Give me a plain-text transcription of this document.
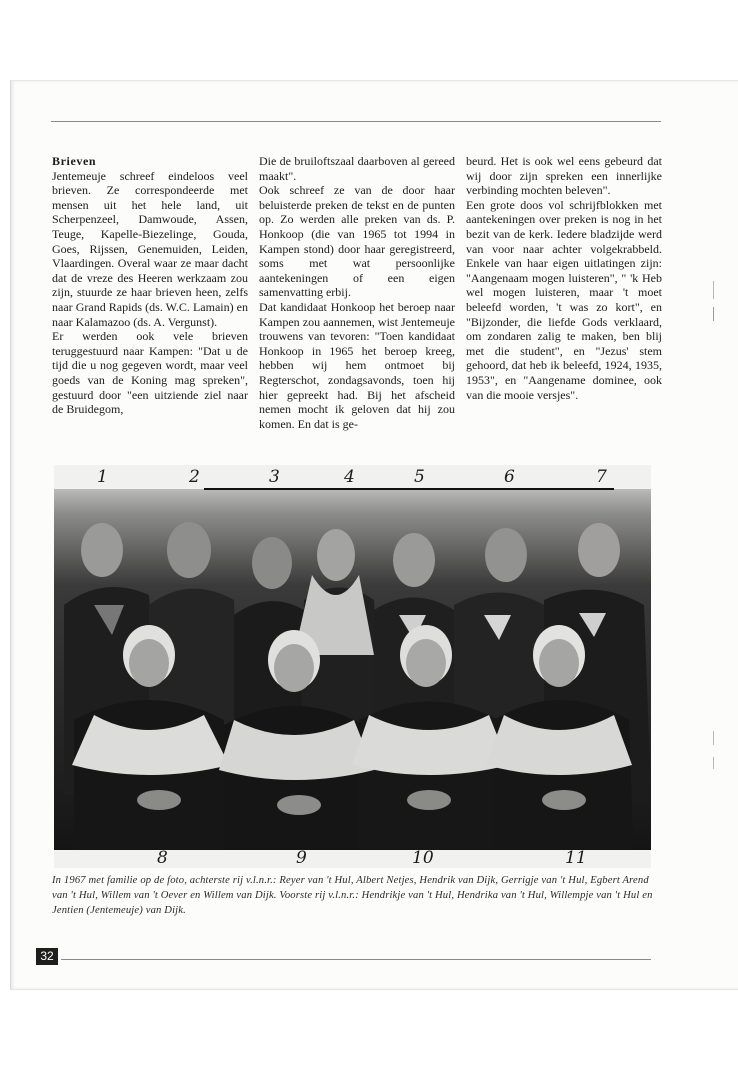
Brieven

Jentemeuje schreef eindeloos veel brieven. Ze correspondeerde met mensen uit het hele land, uit Scherpenzeel, Damwoude, Assen, Teuge, Kapelle-Biezelinge, Gouda, Goes, Rijssen, Genemuiden, Leiden, Vlaardingen. Overal waar ze maar dacht dat de vreze des Heeren werkzaam zou zijn, stuurde ze haar brieven heen, zelfs naar Grand Rapids (ds. W.C. Lamain) en naar Kalamazoo (ds. A. Vergunst).

Er werden ook vele brieven teruggestuurd naar Kampen: "Dat u de tijd die u nog gegeven wordt, maar veel goeds van de Koning mag spreken", gestuurd door "een uitziende ziel naar de Bruidegom,

Die de bruiloftszaal daarboven al gereed maakt".

Ook schreef ze van de door haar beluisterde preken de tekst en de punten op. Zo werden alle preken van ds. P. Honkoop (die van 1965 tot 1994 in Kampen stond) door haar geregistreerd, soms met wat persoonlijke aantekeningen of een eigen samenvatting erbij.

Dat kandidaat Honkoop het beroep naar Kampen zou aannemen, wist Jentemeuje trouwens van tevoren: "Toen kandidaat Honkoop in 1965 het beroep kreeg, hebben wij hem ontmoet bij Regterschot, zondagsavonds, toen hij hier gepreekt had. Bij het afscheid nemen mocht ik geloven dat hij zou komen. En dat is ge-

beurd. Het is ook wel eens gebeurd dat wij door zijn spreken een innerlijke verbinding mochten beleven".

Een grote doos vol schrijfblokken met aantekeningen over preken is nog in het bezit van de kerk. Iedere bladzijde werd van voor naar achter volgekrabbeld. Enkele van haar eigen uitlatingen zijn: "Aangenaam mogen luisteren", " 'k Heb wel mogen luisteren, maar 't moet beleefd worden, 't was zo kort", en "Bijzonder, die liefde Gods verklaard, om zondaren zalig te maken, ben blij met die student", en "Jezus' stem gehoord, dat heb ik beleefd, 1924, 1935, 1953", en "Aangename dominee, ook van die mooie versjes".

1	2	3	4	5	6	7
8	9	10	11
In 1967 met familie op de foto, achterste rij v.l.n.r.: Reyer van 't Hul, Albert Netjes, Hendrik van Dijk, Gerrigje van 't Hul, Egbert Arend van 't Hul, Willem van 't Oever en Willem van Dijk. Voorste rij v.l.n.r.: Hendrikje van 't Hul, Hendrika van 't Hul, Willempje van 't Hul en Jentien (Jentemeuje) van Dijk.
32
